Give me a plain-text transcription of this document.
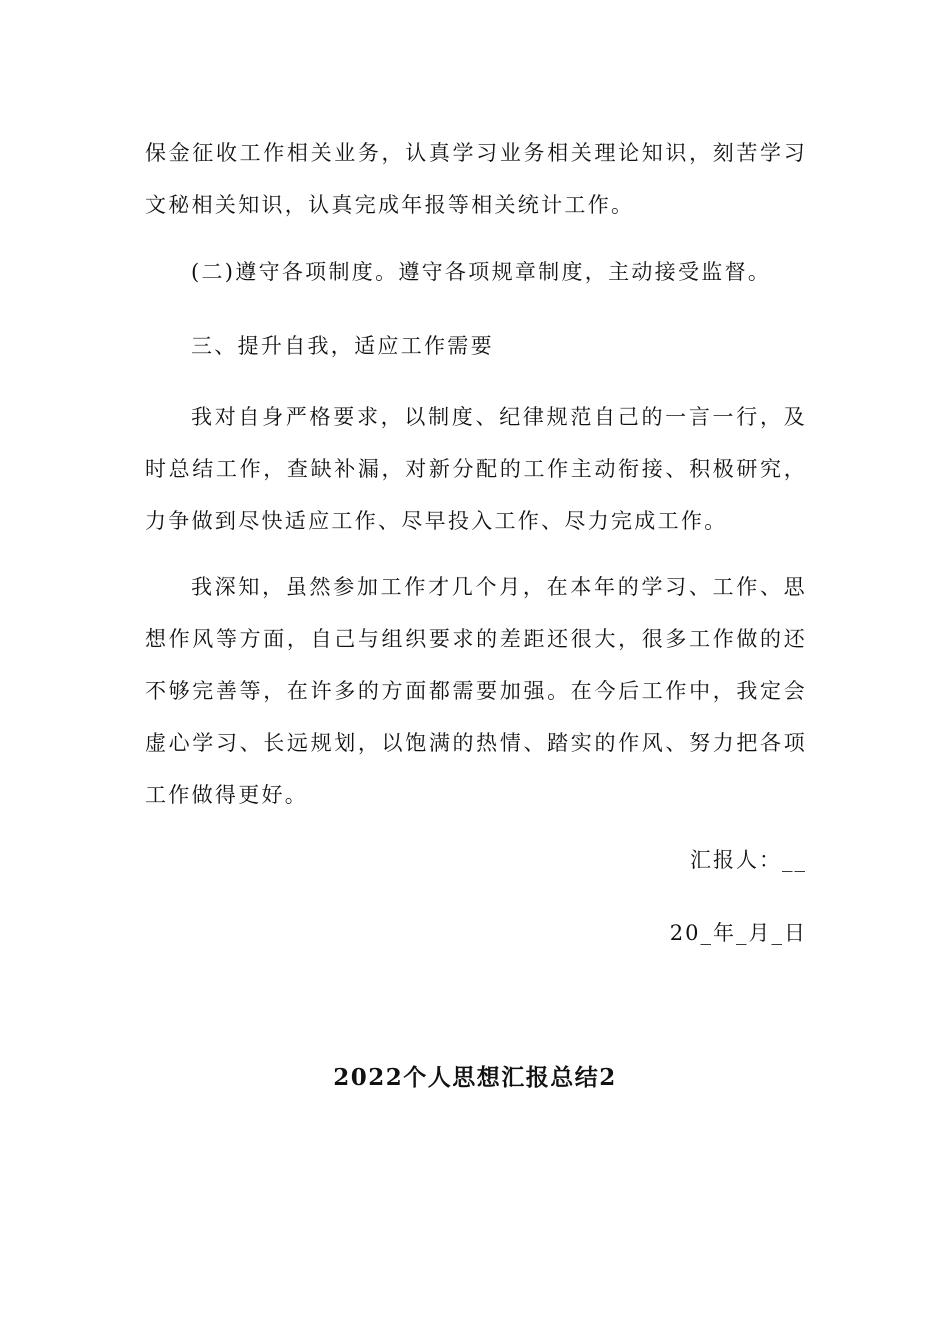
保金征收工作相关业务，认真学习业务相关理论知识，刻苦学习文秘相关知识，认真完成年报等相关统计工作。

(二)遵守各项制度。遵守各项规章制度，主动接受监督。

三、提升自我，适应工作需要

我对自身严格要求，以制度、纪律规范自己的一言一行，及时总结工作，查缺补漏，对新分配的工作主动衔接、积极研究，力争做到尽快适应工作、尽早投入工作、尽力完成工作。

我深知，虽然参加工作才几个月，在本年的学习、工作、思想作风等方面，自己与组织要求的差距还很大，很多工作做的还不够完善等，在许多的方面都需要加强。在今后工作中，我定会虚心学习、长远规划，以饱满的热情、踏实的作风、努力把各项工作做得更好。

汇报人：__

20_年_月_日

2022个人思想汇报总结2
